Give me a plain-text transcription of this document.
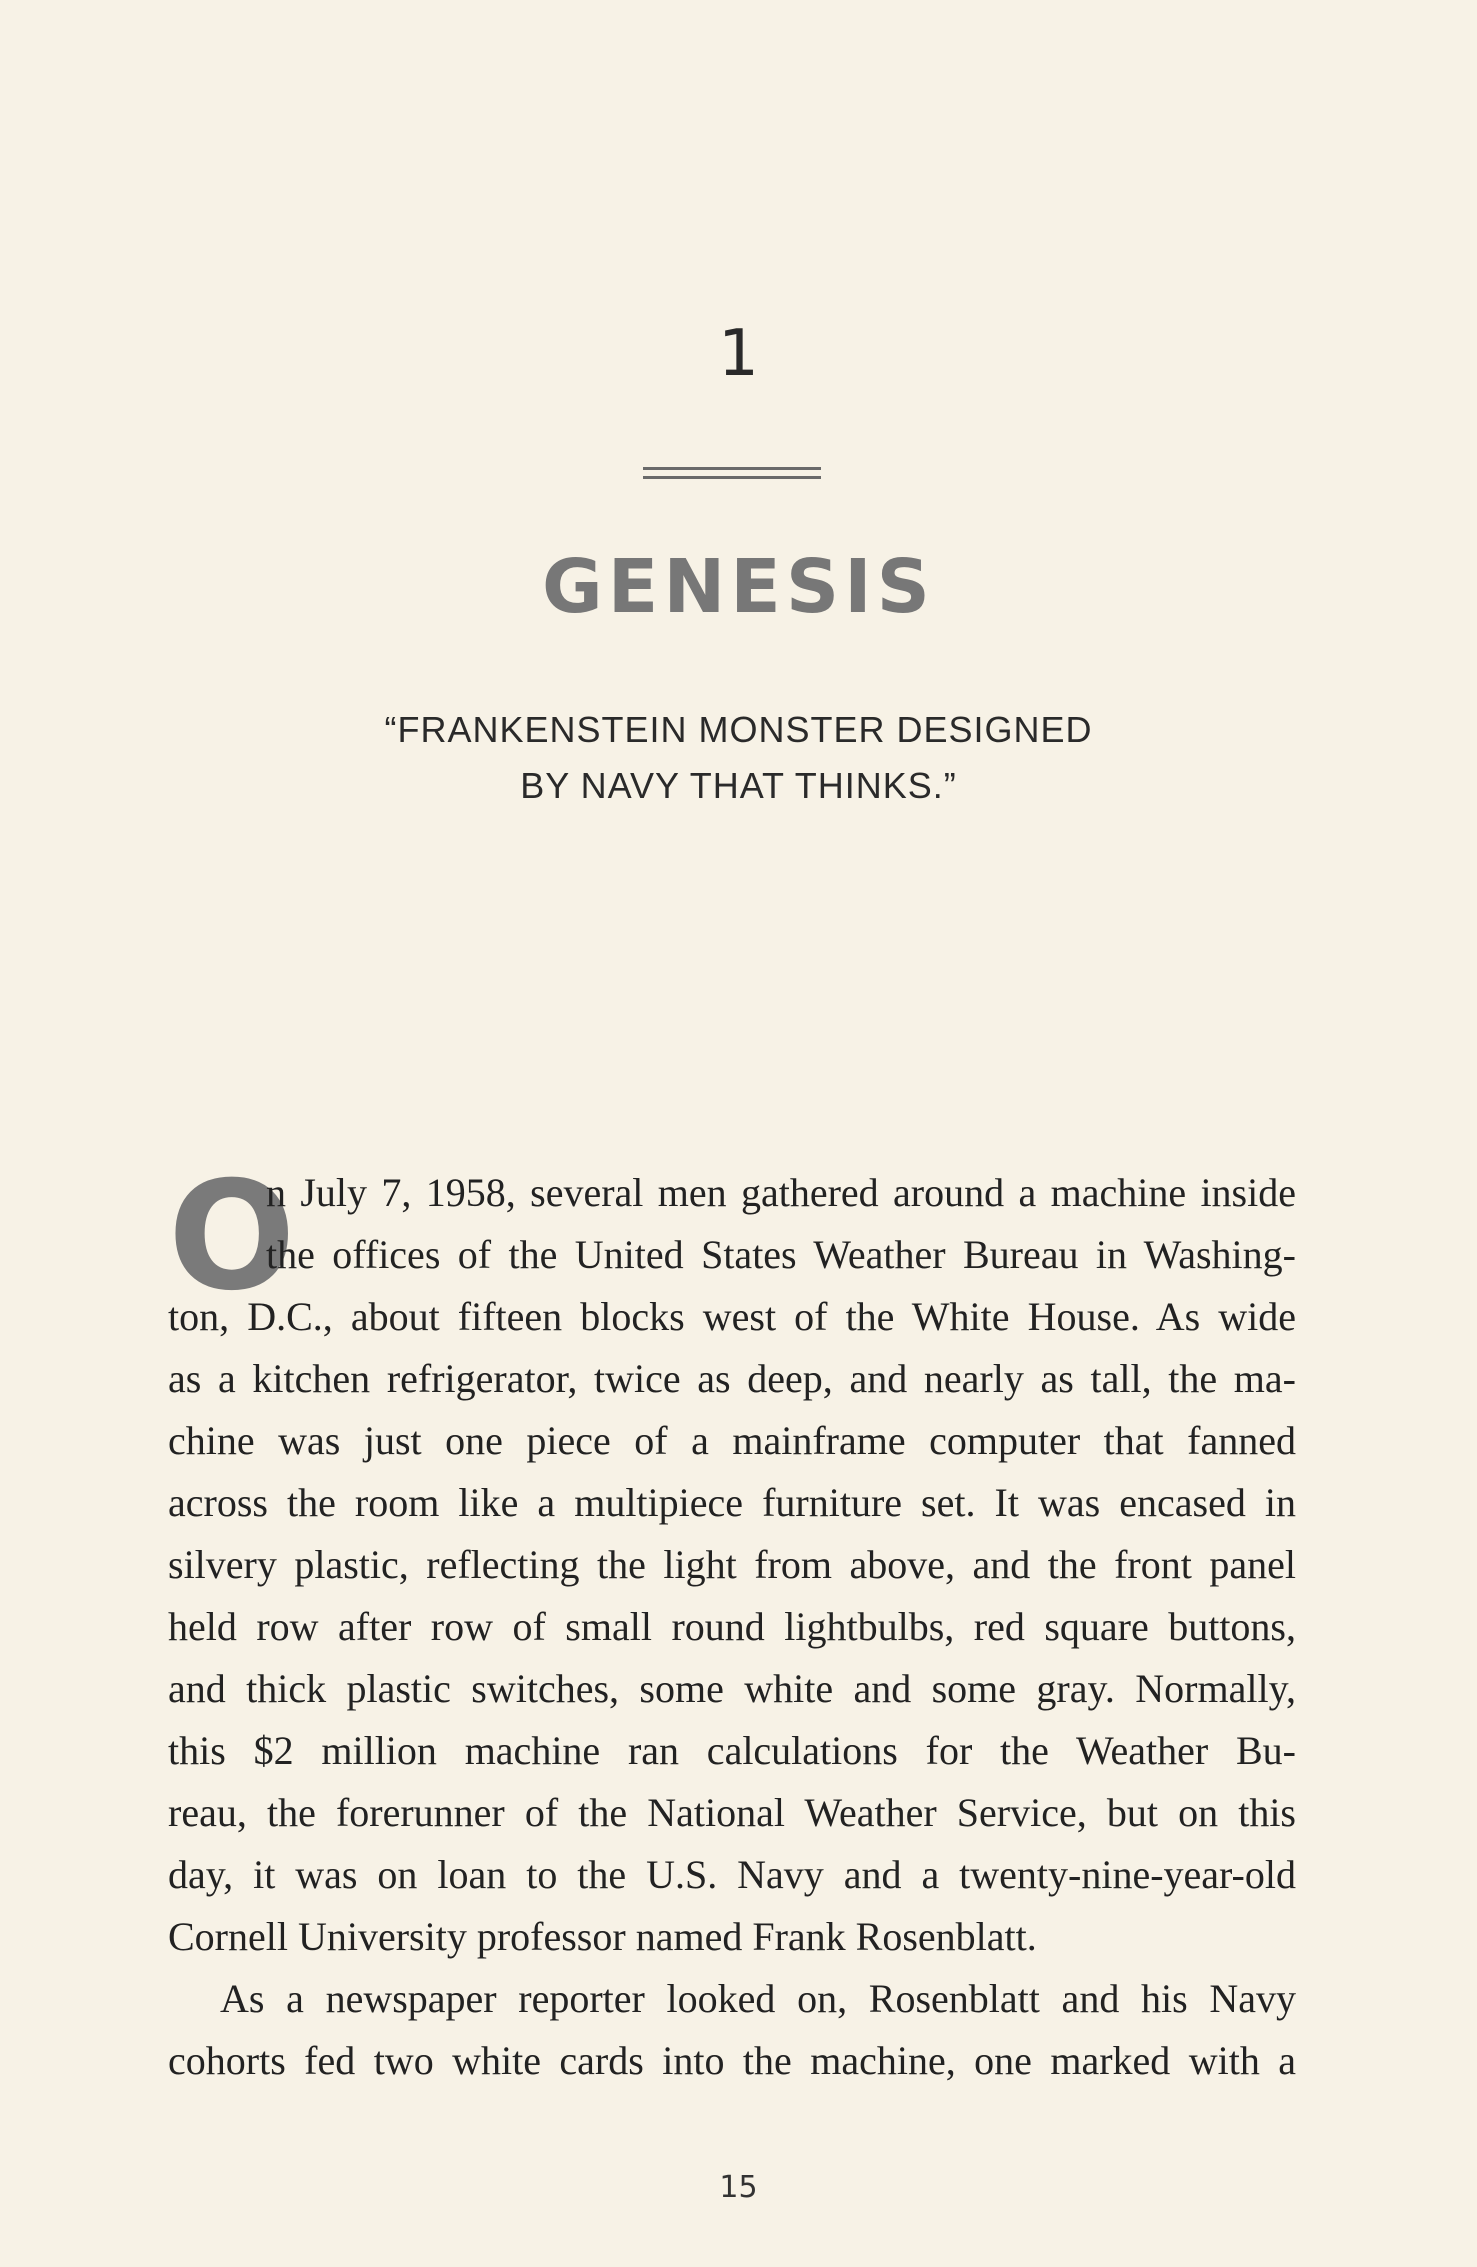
1
GENESIS
“FRANKENSTEIN MONSTER DESIGNED
BY NAVY THAT THINKS.”
O
n July 7, 1958, several men gathered around a machine inside
the offices of the United States Weather Bureau in Washing-
ton, D.C., about fifteen blocks west of the White House. As wide
as a kitchen refrigerator, twice as deep, and nearly as tall, the ma-
chine was just one piece of a mainframe computer that fanned
across the room like a multipiece furniture set. It was encased in
silvery plastic, reflecting the light from above, and the front panel
held row after row of small round lightbulbs, red square buttons,
and thick plastic switches, some white and some gray. Normally,
this $2 million machine ran calculations for the Weather Bu-
reau, the forerunner of the National Weather Service, but on this
day, it was on loan to the U.S. Navy and a twenty-nine-year-old
Cornell University professor named Frank Rosenblatt.
As a newspaper reporter looked on, Rosenblatt and his Navy
cohorts fed two white cards into the machine, one marked with a
15
